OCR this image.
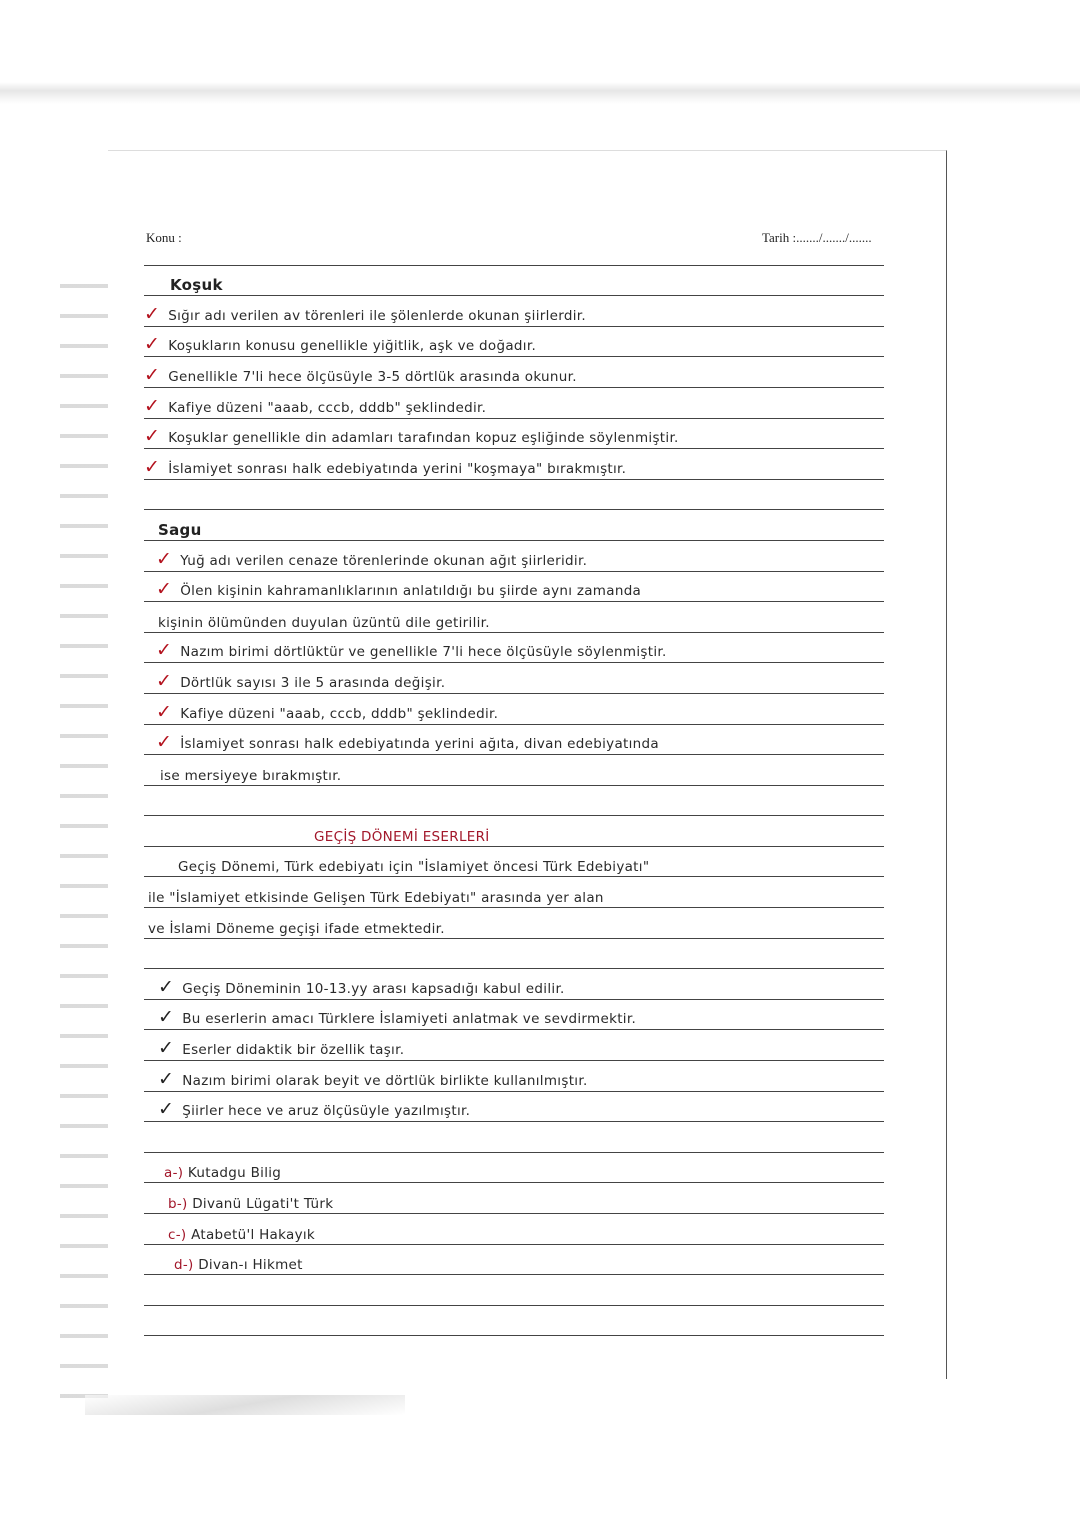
Konu :	Tarih :......./......./.......
Koşuk
✓ Sığır adı verilen av törenleri ile şölenlerde okunan şiirlerdir.
✓ Koşukların konusu genellikle yiğitlik, aşk ve doğadır.
✓ Genellikle 7'li hece ölçüsüyle 3-5 dörtlük arasında okunur.
✓ Kafiye düzeni "aaab, cccb, dddb" şeklindedir.
✓ Koşuklar genellikle din adamları tarafından kopuz eşliğinde söylenmiştir.
✓ İslamiyet sonrası halk edebiyatında yerini "koşmaya" bırakmıştır.
Sagu
✓ Yuğ adı verilen cenaze törenlerinde okunan ağıt şiirleridir.
✓ Ölen kişinin kahramanlıklarının anlatıldığı bu şiirde aynı zamanda
kişinin ölümünden duyulan üzüntü dile getirilir.
✓ Nazım birimi dörtlüktür ve genellikle 7'li hece ölçüsüyle söylenmiştir.
✓ Dörtlük sayısı 3 ile 5 arasında değişir.
✓ Kafiye düzeni "aaab, cccb, dddb" şeklindedir.
✓ İslamiyet sonrası halk edebiyatında yerini ağıta, divan edebiyatında
ise mersiyeye bırakmıştır.
GEÇİŞ DÖNEMİ ESERLERİ
Geçiş Dönemi, Türk edebiyatı için "İslamiyet öncesi Türk Edebiyatı"
ile "İslamiyet etkisinde Gelişen Türk Edebiyatı" arasında yer alan
ve İslami Döneme geçişi ifade etmektedir.
✓ Geçiş Döneminin 10-13.yy arası kapsadığı kabul edilir.
✓ Bu eserlerin amacı Türklere İslamiyeti anlatmak ve sevdirmektir.
✓ Eserler didaktik bir özellik taşır.
✓ Nazım birimi olarak beyit ve dörtlük birlikte kullanılmıştır.
✓ Şiirler hece ve aruz ölçüsüyle yazılmıştır.
a-) Kutadgu Bilig
b-) Divanü Lügati't Türk
c-) Atabetü'l Hakayık
d-) Divan-ı Hikmet
